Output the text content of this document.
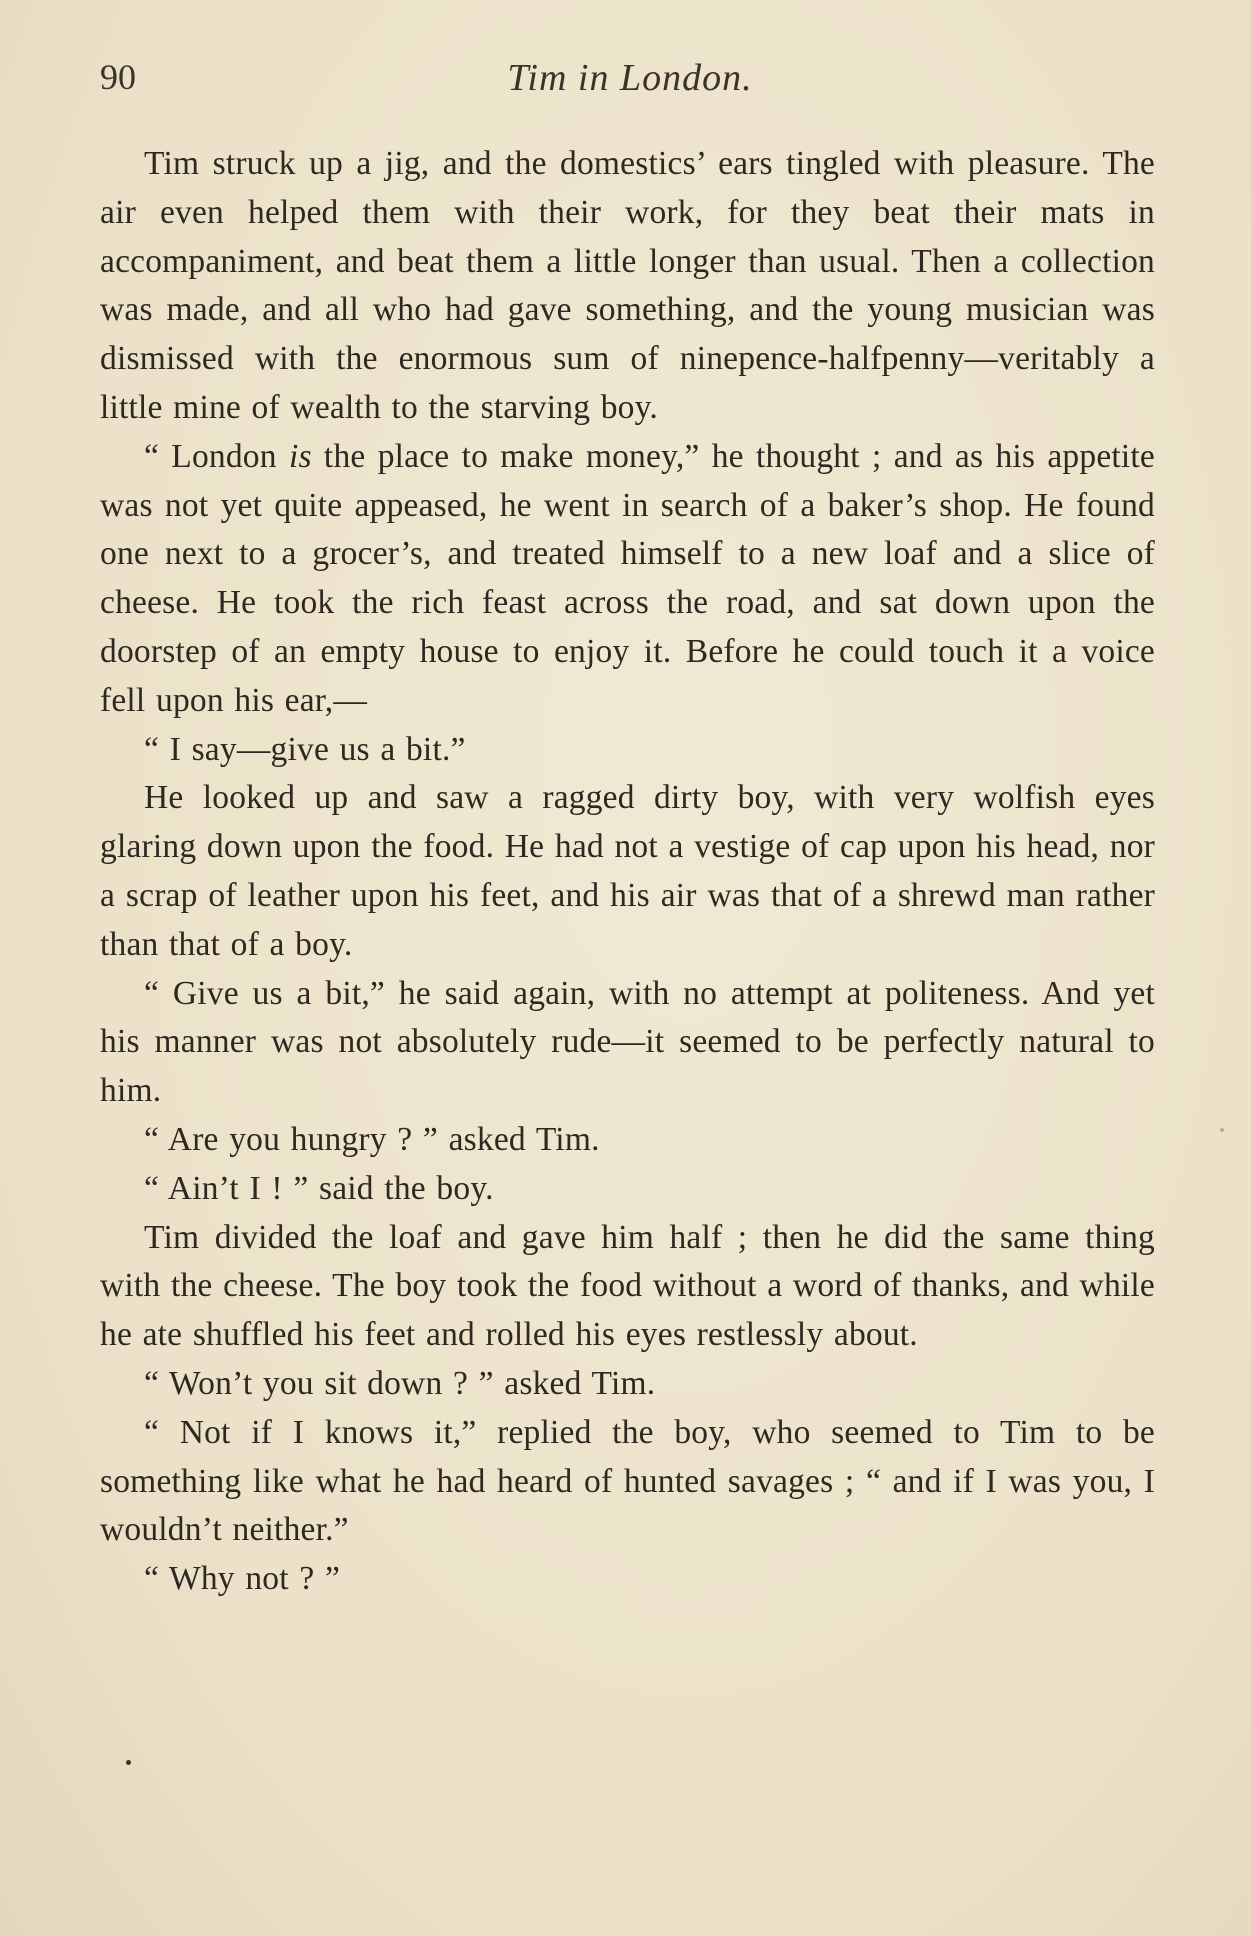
90	Tim in London.

Tim struck up a jig, and the domestics’ ears tingled with pleasure. The air even helped them with their work, for they beat their mats in accompaniment, and beat them a little longer than usual. Then a collection was made, and all who had gave something, and the young musician was dismissed with the enormous sum of ninepence-halfpenny—veritably a little mine of wealth to the starving boy.

“ London is the place to make money,” he thought ; and as his appetite was not yet quite appeased, he went in search of a baker’s shop. He found one next to a grocer’s, and treated himself to a new loaf and a slice of cheese. He took the rich feast across the road, and sat down upon the doorstep of an empty house to enjoy it. Before he could touch it a voice fell upon his ear,—

“ I say—give us a bit.”

He looked up and saw a ragged dirty boy, with very wolfish eyes glaring down upon the food. He had not a vestige of cap upon his head, nor a scrap of leather upon his feet, and his air was that of a shrewd man rather than that of a boy.

“ Give us a bit,” he said again, with no attempt at politeness. And yet his manner was not absolutely rude—it seemed to be perfectly natural to him.

“ Are you hungry ? ” asked Tim.

“ Ain’t I ! ” said the boy.

Tim divided the loaf and gave him half ; then he did the same thing with the cheese. The boy took the food without a word of thanks, and while he ate shuffled his feet and rolled his eyes restlessly about.

“ Won’t you sit down ? ” asked Tim.

“ Not if I knows it,” replied the boy, who seemed to Tim to be something like what he had heard of hunted savages ; “ and if I was you, I wouldn’t neither.”

“ Why not ? ”
